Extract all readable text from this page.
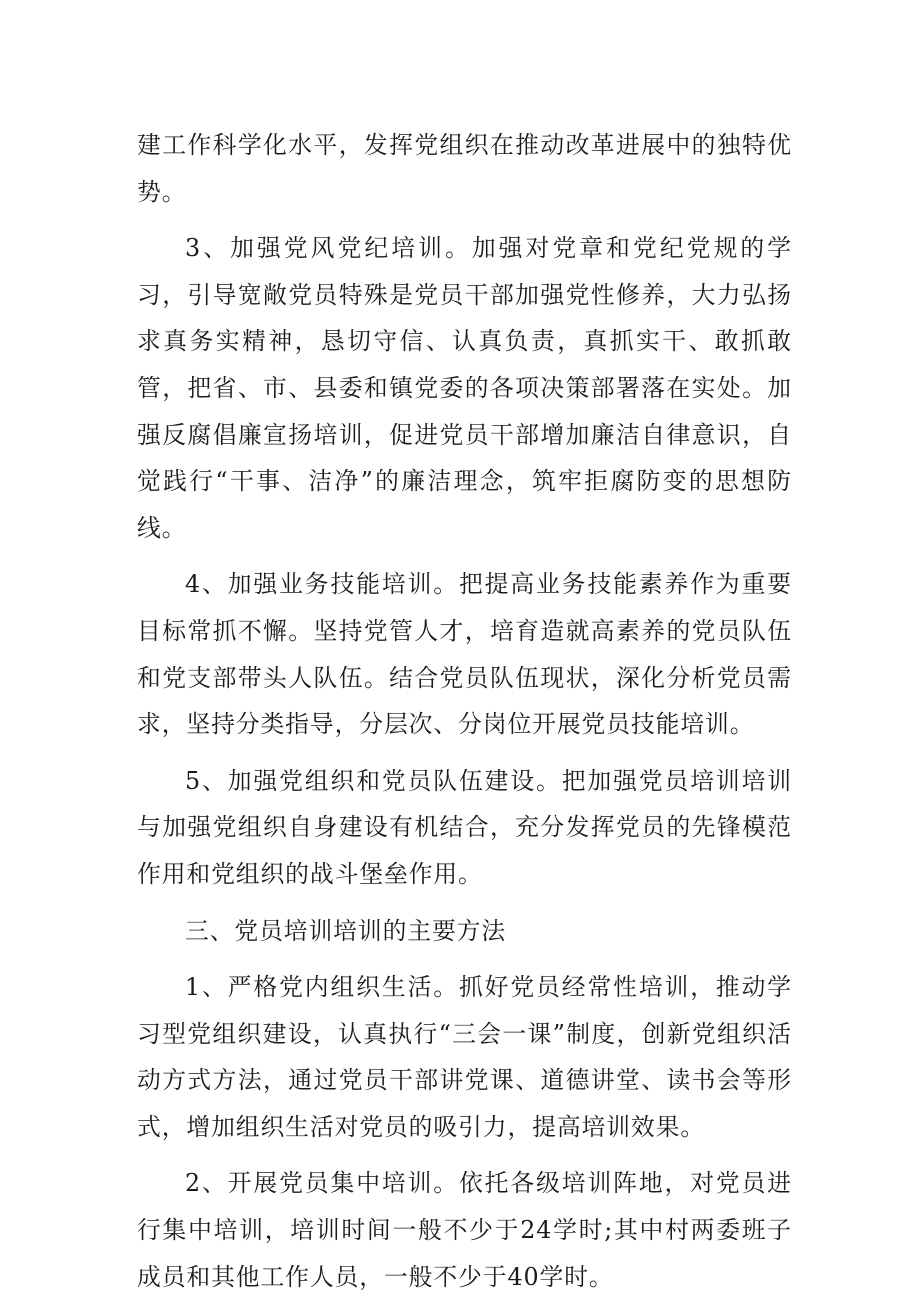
建工作科学化水平，发挥党组织在推动改革进展中的独特优势。

3、加强党风党纪培训。加强对党章和党纪党规的学习，引导宽敞党员特殊是党员干部加强党性修养，大力弘扬求真务实精神，恳切守信、认真负责，真抓实干、敢抓敢管，把省、市、县委和镇党委的各项决策部署落在实处。加强反腐倡廉宣扬培训，促进党员干部增加廉洁自律意识，自觉践行“干事、洁净”的廉洁理念，筑牢拒腐防变的思想防线。

4、加强业务技能培训。把提高业务技能素养作为重要目标常抓不懈。坚持党管人才，培育造就高素养的党员队伍和党支部带头人队伍。结合党员队伍现状，深化分析党员需求，坚持分类指导，分层次、分岗位开展党员技能培训。

5、加强党组织和党员队伍建设。把加强党员培训培训与加强党组织自身建设有机结合，充分发挥党员的先锋模范作用和党组织的战斗堡垒作用。

三、党员培训培训的主要方法

1、严格党内组织生活。抓好党员经常性培训，推动学习型党组织建设，认真执行“三会一课”制度，创新党组织活动方式方法，通过党员干部讲党课、道德讲堂、读书会等形式，增加组织生活对党员的吸引力，提高培训效果。

2、开展党员集中培训。依托各级培训阵地，对党员进行集中培训，培训时间一般不少于24学时;其中村两委班子成员和其他工作人员，一般不少于40学时。
